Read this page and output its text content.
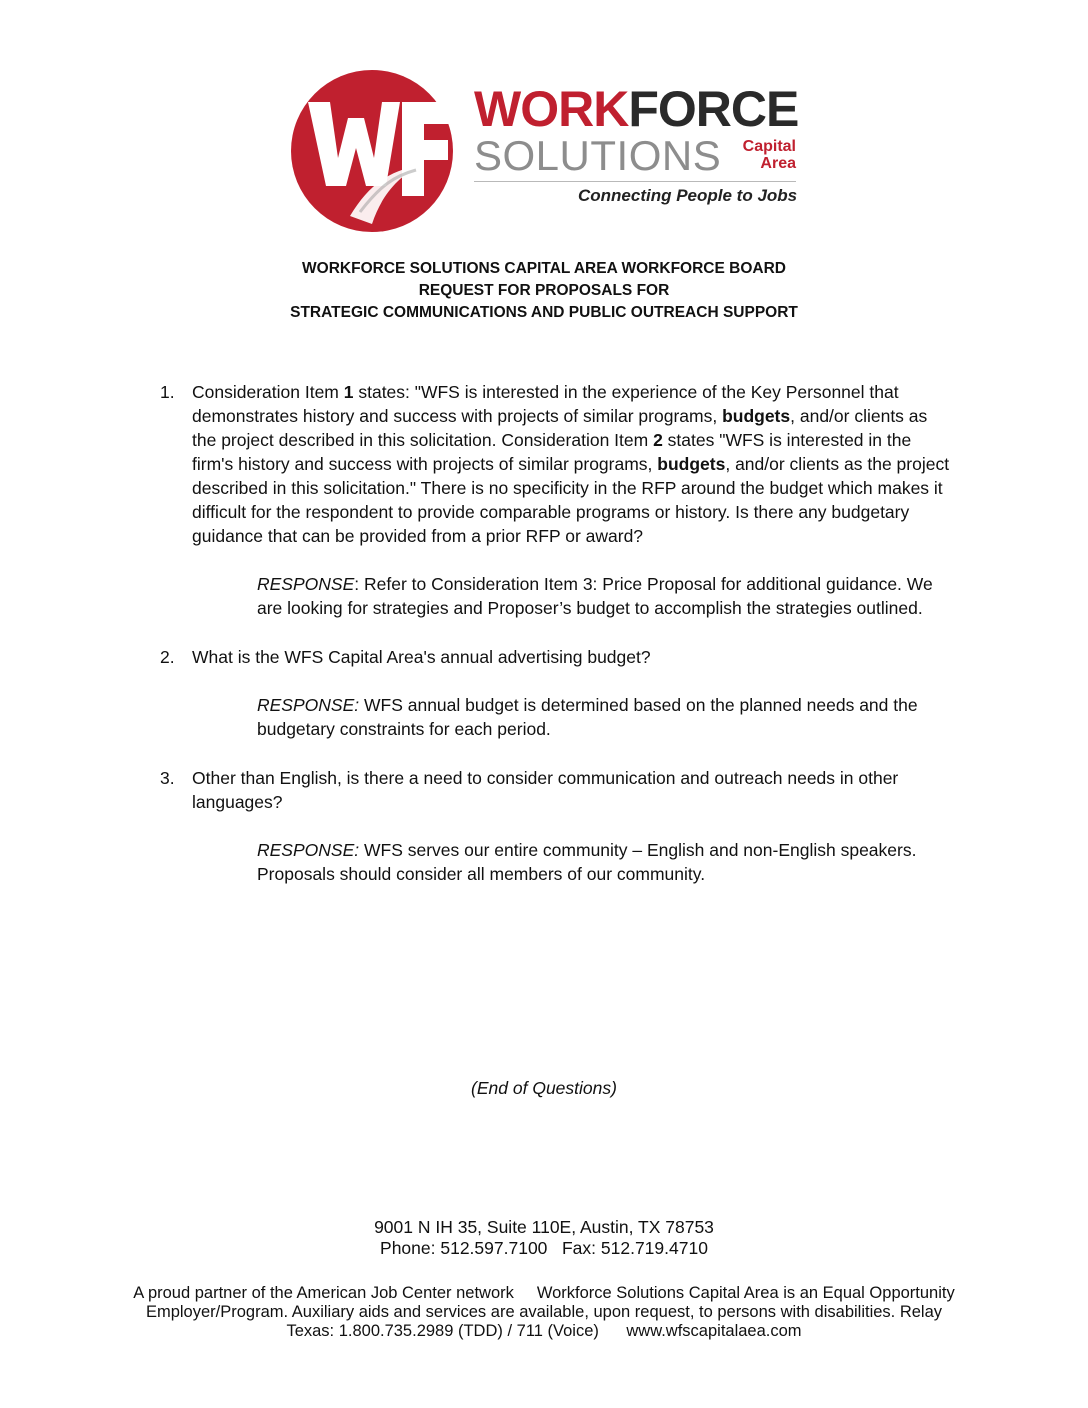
WORKFORCE
SOLUTIONS	Capital
Area
Connecting People to Jobs
WORKFORCE SOLUTIONS CAPITAL AREA WORKFORCE BOARD
REQUEST FOR PROPOSALS FOR
STRATEGIC COMMUNICATIONS AND PUBLIC OUTREACH SUPPORT
1. Consideration Item 1 states: "WFS is interested in the experience of the Key Personnel that demonstrates history and success with projects of similar programs, budgets, and/or clients as the project described in this solicitation. Consideration Item 2 states "WFS is interested in the firm's history and success with projects of similar programs, budgets, and/or clients as the project described in this solicitation." There is no specificity in the RFP around the budget which makes it difficult for the respondent to provide comparable programs or history. Is there any budgetary guidance that can be provided from a prior RFP or award?
RESPONSE: Refer to Consideration Item 3: Price Proposal for additional guidance. We are looking for strategies and Proposer’s budget to accomplish the strategies outlined.
2. What is the WFS Capital Area's annual advertising budget?
RESPONSE: WFS annual budget is determined based on the planned needs and the budgetary constraints for each period.
3. Other than English, is there a need to consider communication and outreach needs in other languages?
RESPONSE: WFS serves our entire community – English and non-English speakers. Proposals should consider all members of our community.
(End of Questions)
9001 N IH 35, Suite 110E, Austin, TX 78753
Phone: 512.597.7100   Fax: 512.719.4710
A proud partner of the American Job Center network     Workforce Solutions Capital Area is an Equal Opportunity Employer/Program. Auxiliary aids and services are available, upon request, to persons with disabilities. Relay Texas: 1.800.735.2989 (TDD) / 711 (Voice)      www.wfscapitalaea.com
